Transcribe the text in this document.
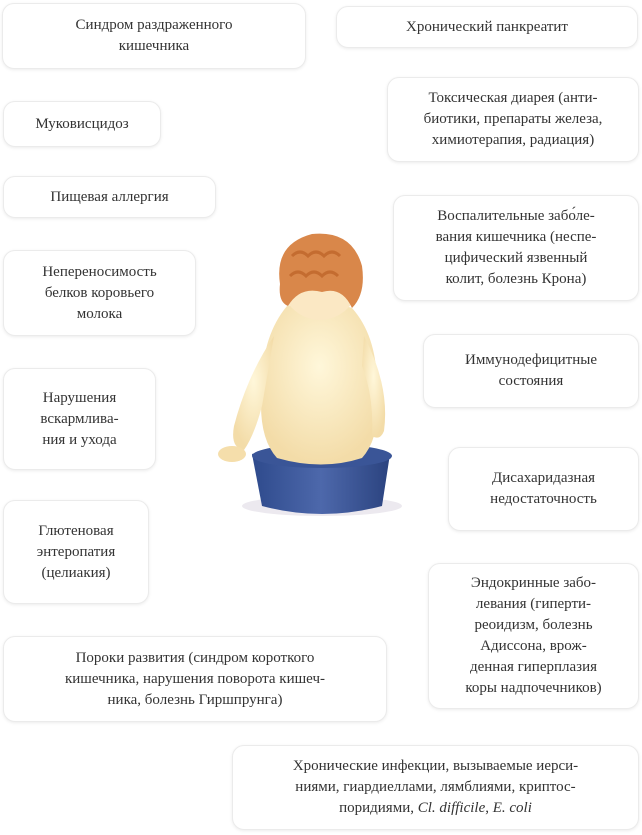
Синдром раздраженного
кишечника
Хронический панкреатит
Муковисцидоз
Токсическая диарея (анти-
биотики, препараты железа,
химиотерапия, радиация)
Пищевая аллергия
Воспалительные забо́ле-
вания кишечника (неспе-
цифический язвенный
колит, болезнь Крона)
Непереносимость
белков коровьего
молока
Иммунодефицитные
состояния
Нарушения
вскармлива-
ния и ухода
Дисахаридазная
недостаточность
Глютеновая
энтеропатия
(целиакия)
Эндокринные забо-
левания (гиперти-
реоидизм, болезнь
Адиссона, врож-
денная гиперплазия
коры надпочечников)
Пороки развития (синдром короткого
кишечника, нарушения поворота кишеч-
ника, болезнь Гиршпрунга)
Хронические инфекции, вызываемые иерси-
ниями, гиардиеллами, лямблиями, криптос-
поридиями, Cl. difficile, E. coli
